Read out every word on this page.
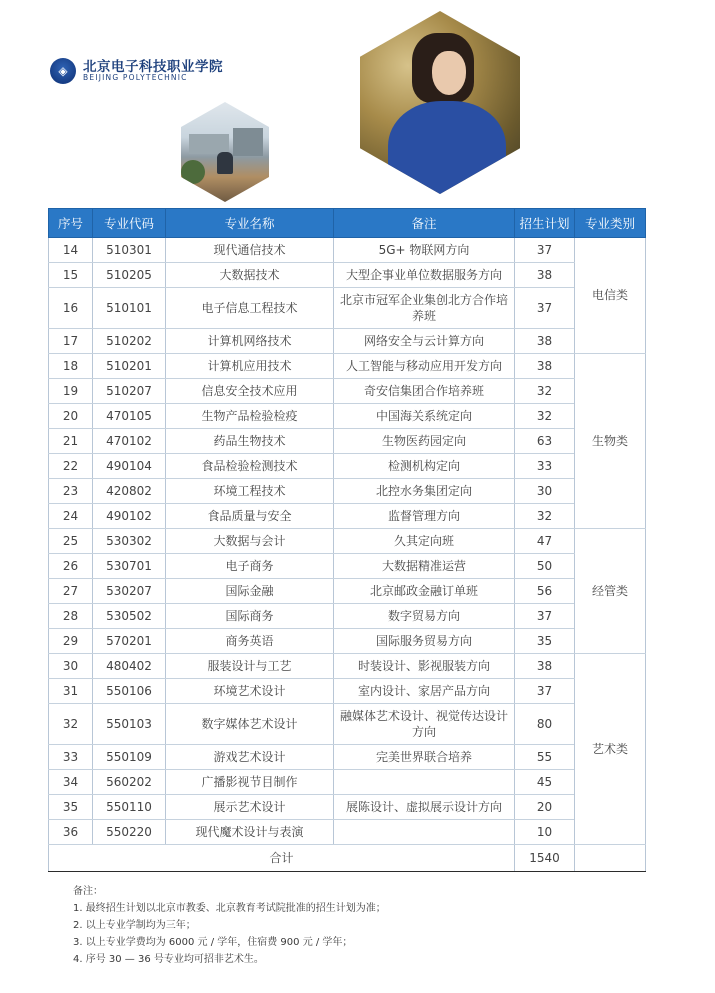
◈	北京电子科技职业学院
BEIJING POLYTECHNIC
序号	专业代码	专业名称	备注	招生计划	专业类别
14	510301	现代通信技术	5G+ 物联网方向	37	电信类
15	510205	大数据技术	大型企事业单位数据服务方向	38	
16	510101	电子信息工程技术	北京市冠军企业集创北方合作培养班	37	
17	510202	计算机网络技术	网络安全与云计算方向	38	
18	510201	计算机应用技术	人工智能与移动应用开发方向	38	生物类
19	510207	信息安全技术应用	奇安信集团合作培养班	32	
20	470105	生物产品检验检疫	中国海关系统定向	32	
21	470102	药品生物技术	生物医药园定向	63	
22	490104	食品检验检测技术	检测机构定向	33	
23	420802	环境工程技术	北控水务集团定向	30	
24	490102	食品质量与安全	监督管理方向	32	
25	530302	大数据与会计	久其定向班	47	经管类
26	530701	电子商务	大数据精准运营	50	
27	530207	国际金融	北京邮政金融订单班	56	
28	530502	国际商务	数字贸易方向	37	
29	570201	商务英语	国际服务贸易方向	35	
30	480402	服装设计与工艺	时装设计、影视服装方向	38	艺术类
31	550106	环境艺术设计	室内设计、家居产品方向	37	
32	550103	数字媒体艺术设计	融媒体艺术设计、视觉传达设计方向	80	
33	550109	游戏艺术设计	完美世界联合培养	55	
34	560202	广播影视节目制作		45	
35	550110	展示艺术设计	展陈设计、虚拟展示设计方向	20	
36	550220	现代魔术设计与表演		10	
合计				1540	
备注：
1. 最终招生计划以北京市教委、北京教育考试院批准的招生计划为准；
2. 以上专业学制均为三年；
3. 以上专业学费均为 6000 元 / 学年，住宿费 900 元 / 学年；
4. 序号 30 — 36 号专业均可招非艺术生。
